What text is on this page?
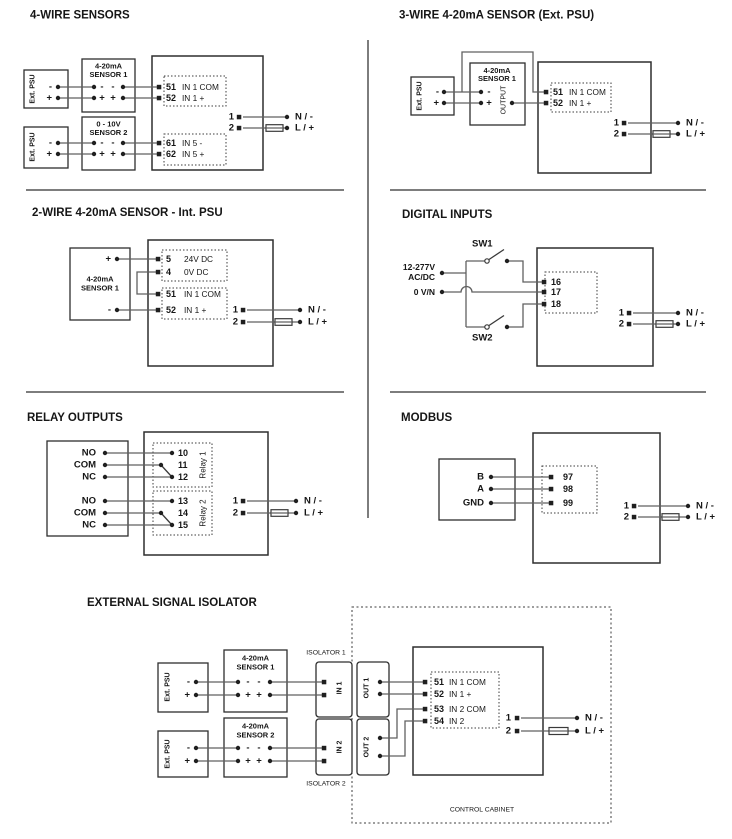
4-WIRE SENSORS
Ext. PSU
Ext. PSU
-
+
-
+
4-20mA
SENSOR 1
- -
+ +
0 - 10V
SENSOR 2
- -
+ +
51 IN 1 COM
52 IN 1 +
61 IN 5 -
62 IN 5 +
1
2
N / -
L / +
3-WIRE 4-20mA SENSOR (Ext. PSU)
Ext. PSU -
+
4-20mA
SENSOR 1
-
+ OUTPUT	51 IN 1 COM
52 IN 1 +
1
2
N / -
L / +
2-WIRE 4-20mA SENSOR - Int. PSU
4-20mA
SENSOR 1
+
-
5 24V DC
4 0V DC
51 IN 1 COM
52 IN 1 +	1
2
N / -
L / +
DIGITAL INPUTS
SW1
12-277V
AC/DC
0 V/N
SW2
16
17
18
1
2
N / -
L / +
RELAY OUTPUTS
NO
COM
NC
NO
COM
NC
10
11
12
13
14
15
Relay 1
Relay 2	1
2
N / -
L / +
MODBUS
B
A
GND
97
98
99	1
2
N / -
L / +
EXTERNAL SIGNAL ISOLATOR
Ext. PSU
Ext. PSU
-
+
-
+
4-20mA
SENSOR 1
- -
+ +
4-20mA
SENSOR 2
- -
+ +
ISOLATOR 1
ISOLATOR 2
IN 1
IN 2
OUT 1
OUT 2
51 IN 1 COM
52 IN 1 +
53 IN 2 COM
54 IN 2	1
2
N / -
L / +
CONTROL CABINET
